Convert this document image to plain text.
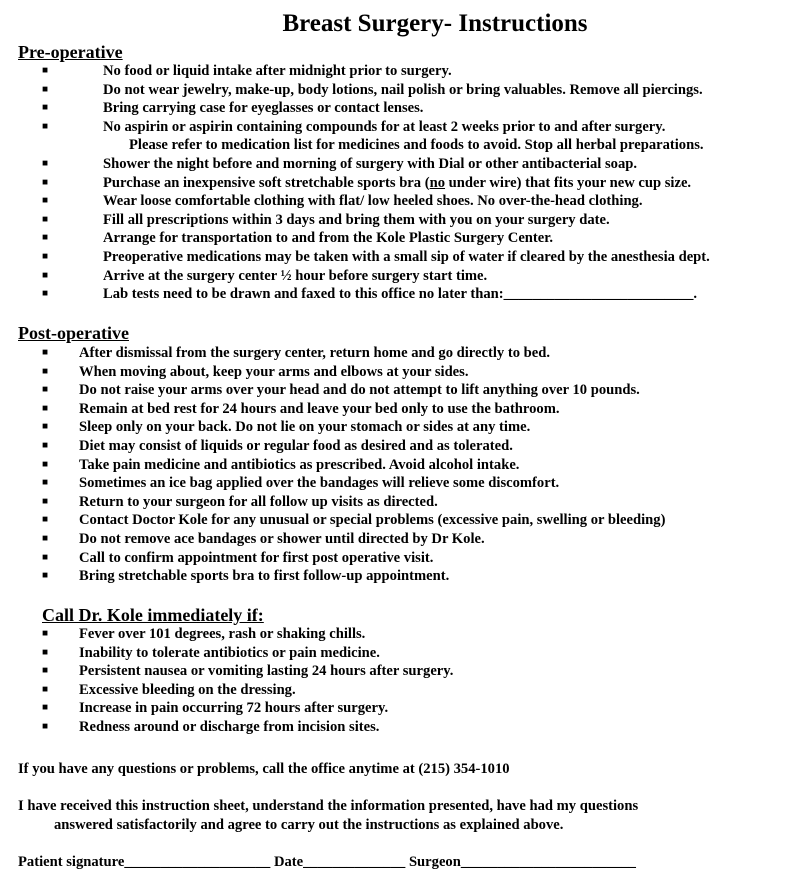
Breast Surgery- Instructions
Pre-operative
■	No food or liquid intake after midnight prior to surgery.
■	Do not wear jewelry, make-up, body lotions, nail polish or bring valuables. Remove all piercings.
■	Bring carrying case for eyeglasses or contact lenses.
■	No aspirin or aspirin containing compounds for at least 2 weeks prior to and after surgery.
Please refer to medication list for medicines and foods to avoid. Stop all herbal preparations.
■	Shower the night before and morning of surgery with Dial or other antibacterial soap.
■	Purchase an inexpensive soft stretchable sports bra (no under wire) that fits your new cup size.
■	Wear loose comfortable clothing with flat/ low heeled shoes. No over-the-head clothing.
■	Fill all prescriptions within 3 days and bring them with you on your surgery date.
■	Arrange for transportation to and from the Kole Plastic Surgery Center.
■	Preoperative medications may be taken with a small sip of water if cleared by the anesthesia dept.
■	Arrive at the surgery center ½ hour before surgery start time.
■	Lab tests need to be drawn and faxed to this office no later than:__________________________.
Post-operative
■ After dismissal from the surgery center, return home and go directly to bed.
■ When moving about, keep your arms and elbows at your sides.
■ Do not raise your arms over your head and do not attempt to lift anything over 10 pounds.
■ Remain at bed rest for 24 hours and leave your bed only to use the bathroom.
■ Sleep only on your back. Do not lie on your stomach or sides at any time.
■ Diet may consist of liquids or regular food as desired and as tolerated.
■ Take pain medicine and antibiotics as prescribed. Avoid alcohol intake.
■ Sometimes an ice bag applied over the bandages will relieve some discomfort.
■ Return to your surgeon for all follow up visits as directed.
■ Contact Doctor Kole for any unusual or special problems (excessive pain, swelling or bleeding)
■ Do not remove ace bandages or shower until directed by Dr Kole.
■ Call to confirm appointment for first post operative visit.
■ Bring stretchable sports bra to first follow-up appointment.
Call Dr. Kole immediately if:
■ Fever over 101 degrees, rash or shaking chills.
■ Inability to tolerate antibiotics or pain medicine.
■ Persistent nausea or vomiting lasting 24 hours after surgery.
■ Excessive bleeding on the dressing.
■ Increase in pain occurring 72 hours after surgery.
■ Redness around or discharge from incision sites.
If you have any questions or problems, call the office anytime at (215) 354-1010
I have received this instruction sheet, understand the information presented, have had my questions
answered satisfactorily and agree to carry out the instructions as explained above.
Patient signature____________________ Date______________ Surgeon________________________
